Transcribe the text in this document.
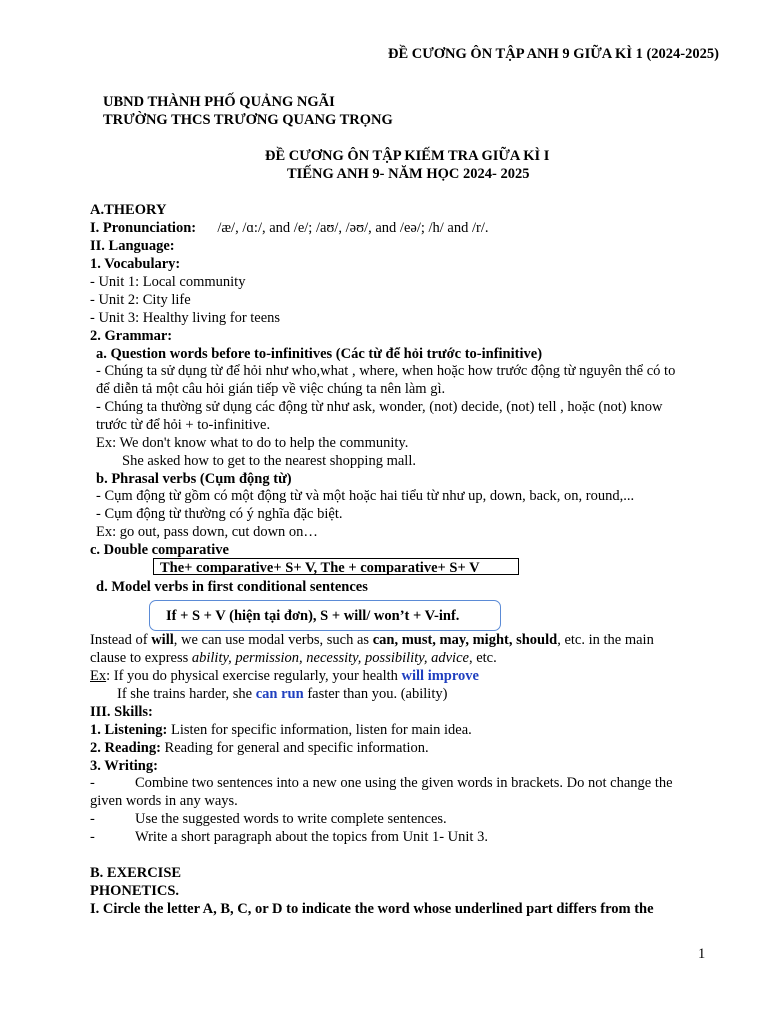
ĐỀ CƯƠNG ÔN TẬP ANH 9 GIỮA KÌ 1 (2024-2025)
UBND THÀNH PHỐ QUẢNG NGÃI
TRƯỜNG THCS TRƯƠNG QUANG TRỌNG
ĐỀ CƯƠNG ÔN TẬP KIẾM TRA GIỮA KÌ I
TIẾNG ANH 9- NĂM HỌC 2024- 2025
A.THEORY
I. Pronunciation: /æ/, /ɑ:/, and /e/; /aʊ/, /əʊ/, and /eə/; /h/ and /r/.
II. Language:
1. Vocabulary:
- Unit 1: Local community
- Unit 2: City life
- Unit 3: Healthy living for teens
2. Grammar:
a. Question words before to-infinitives (Các từ để hỏi trước to-infinitive)
- Chúng ta sử dụng từ để hỏi như who,what , where, when hoặc how trước động từ nguyên thể có to
để diễn tả một câu hỏi gián tiếp về việc chúng ta nên làm gì.
- Chúng ta thường sử dụng các động từ như ask, wonder, (not) decide, (not) tell , hoặc (not) know
trước từ để hỏi + to-infinitive.
Ex: We don't know what to do to help the community.
She asked how to get to the nearest shopping mall.
b. Phrasal verbs (Cụm động từ)
- Cụm động từ gồm có một động từ và một hoặc hai tiểu từ như up, down, back, on, round,...
- Cụm động từ thường có ý nghĩa đặc biệt.
Ex: go out, pass down, cut down on…
c. Double comparative
The+ comparative+ S+ V, The + comparative+ S+ V
d. Model verbs in first conditional sentences
If + S + V (hiện tại đơn), S + will/ won’t + V-inf.
Instead of will, we can use modal verbs, such as can, must, may, might, should, etc. in the main
clause to express ability, permission, necessity, possibility, advice, etc.
Ex: If you do physical exercise regularly, your health will improve
If she trains harder, she can run faster than you. (ability)
III. Skills:
1. Listening: Listen for specific information, listen for main idea.
2. Reading: Reading for general and specific information.
3. Writing:
-	Combine two sentences into a new one using the given words in brackets. Do not change the
given words in any ways.
-	Use the suggested words to write complete sentences.
-	Write a short paragraph about the topics from Unit 1- Unit 3.
B. EXERCISE
PHONETICS.
I. Circle the letter A, B, C, or D to indicate the word whose underlined part differs from the
1
